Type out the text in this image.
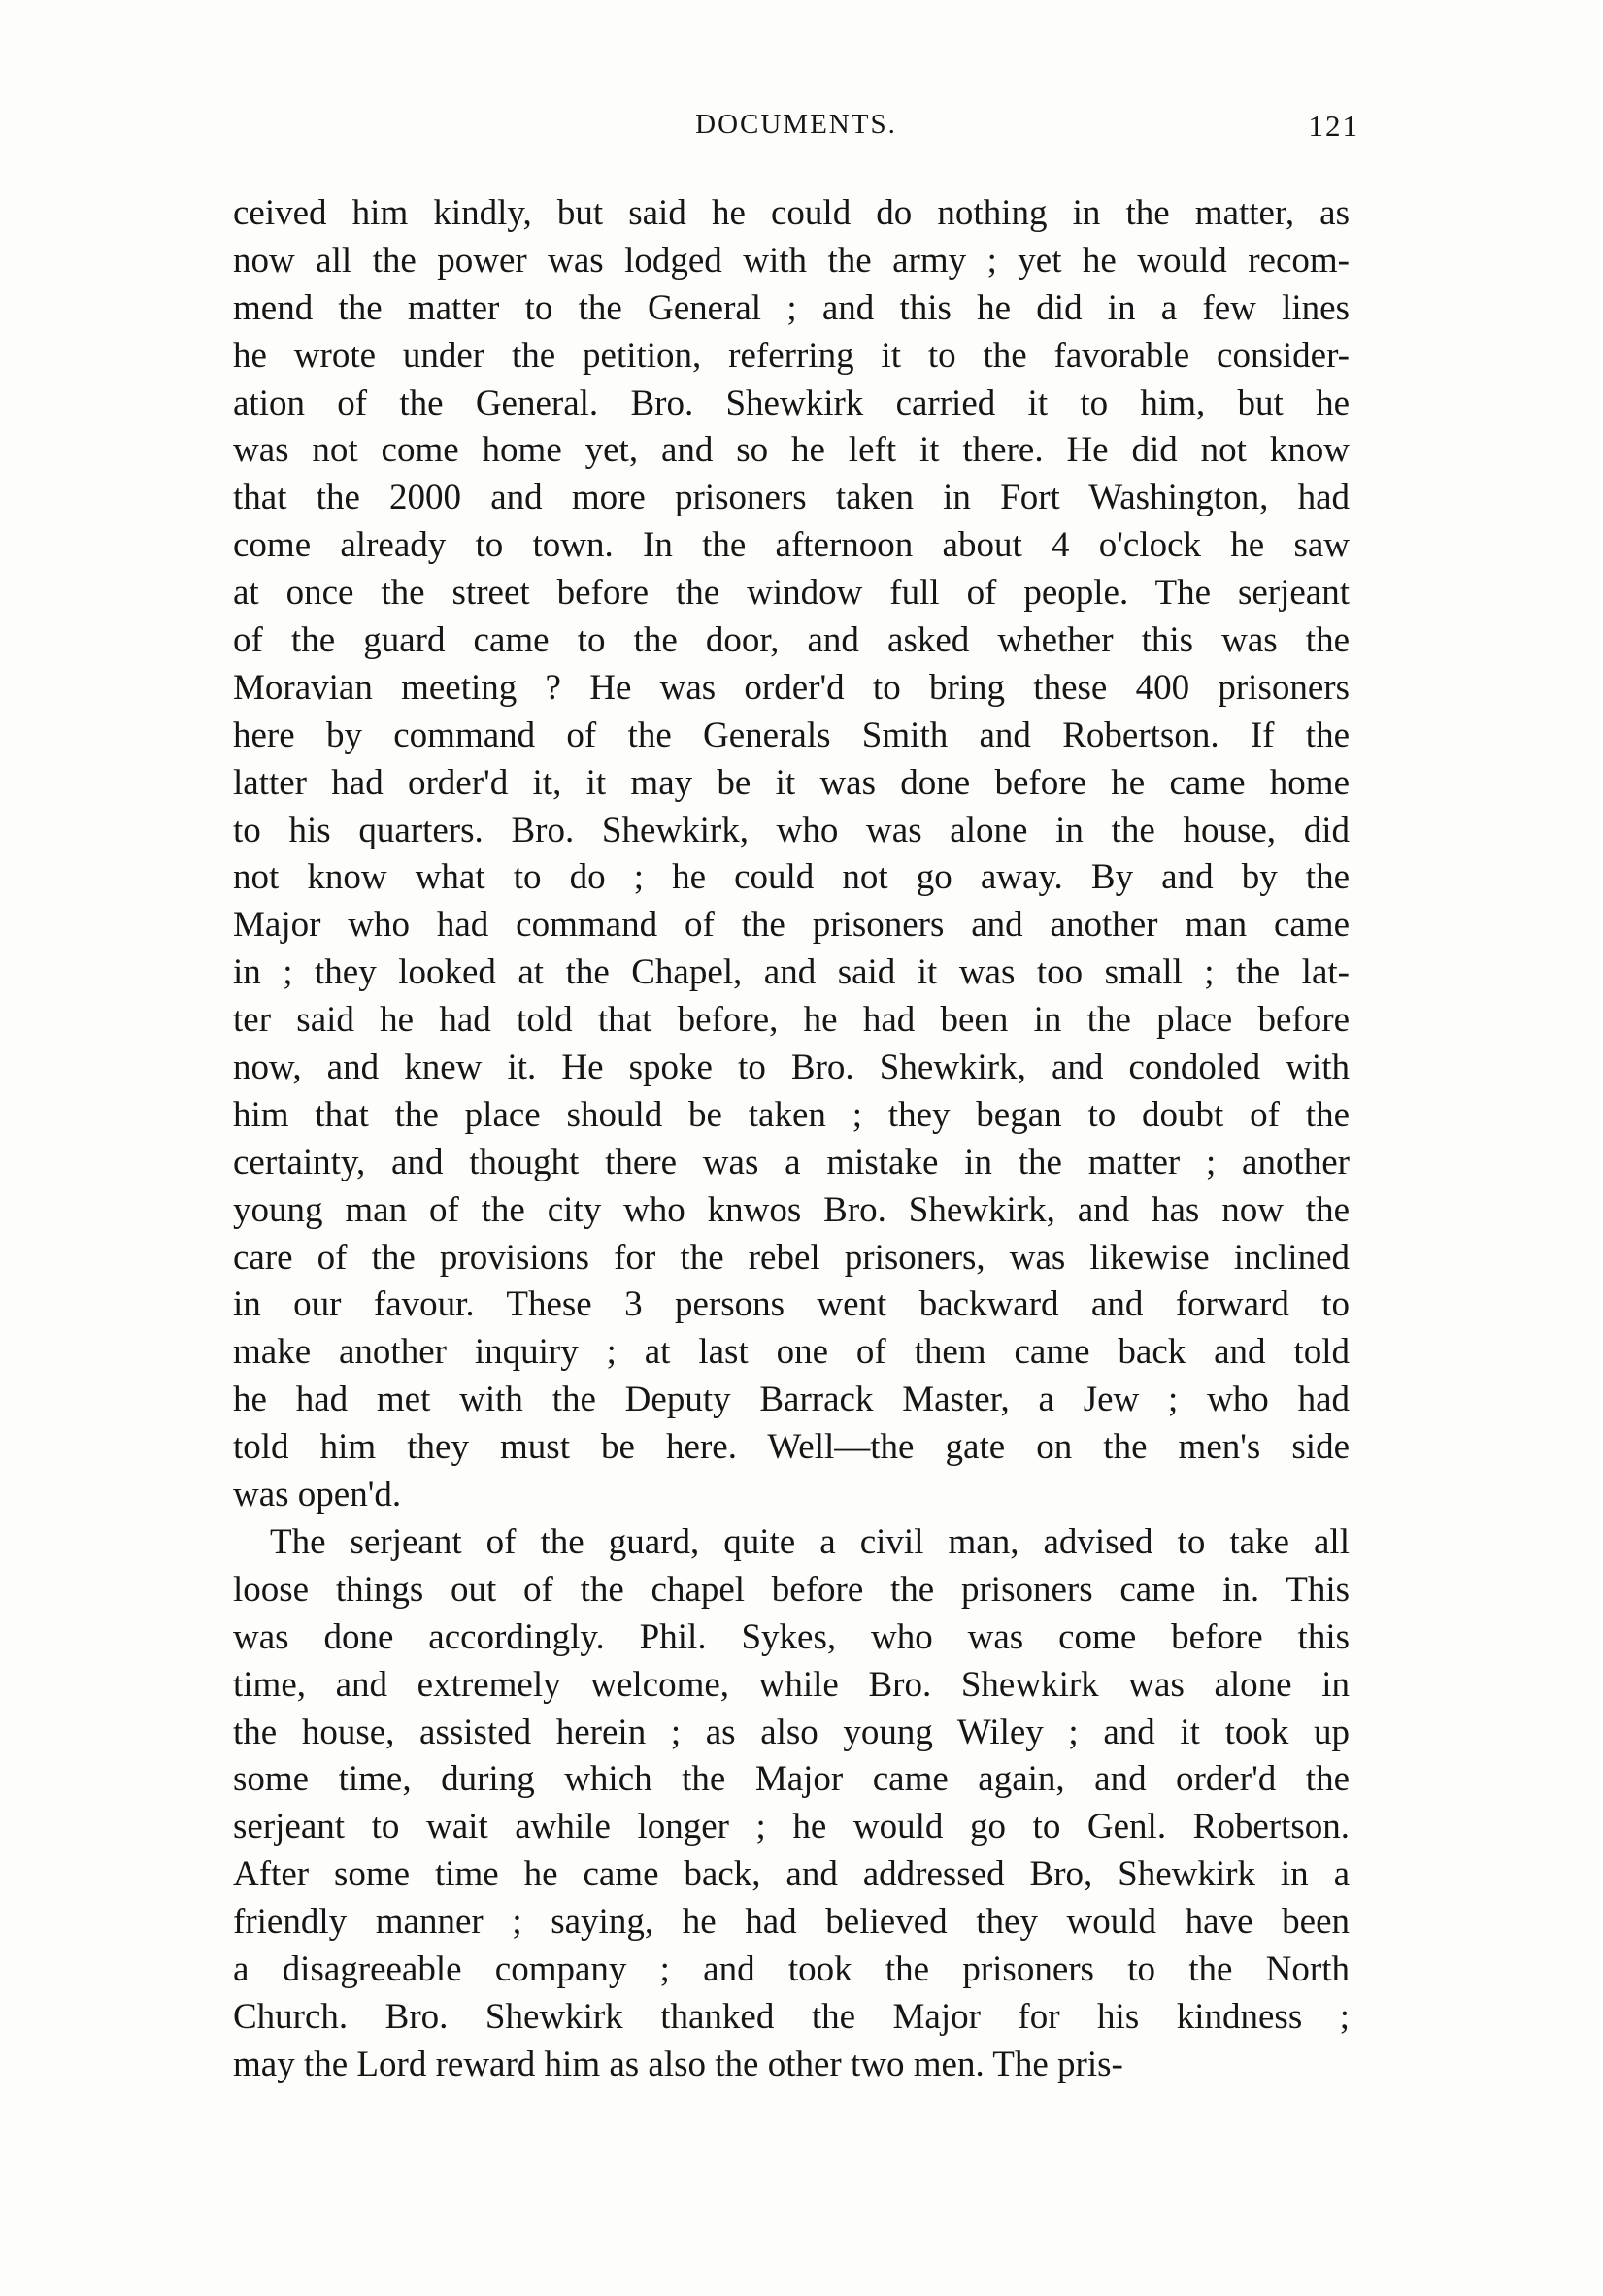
DOCUMENTS.	121

ceived him kindly, but said he could do nothing in the matter, as
now all the power was lodged with the army ; yet he would recom-
mend the matter to the General ; and this he did in a few lines
he wrote under the petition, referring it to the favorable consider-
ation of the General. Bro. Shewkirk carried it to him, but he
was not come home yet, and so he left it there. He did not know
that the 2000 and more prisoners taken in Fort Washington, had
come already to town. In the afternoon about 4 o'clock he saw
at once the street before the window full of people. The serjeant
of the guard came to the door, and asked whether this was the
Moravian meeting ? He was order'd to bring these 400 prisoners
here by command of the Generals Smith and Robertson. If the
latter had order'd it, it may be it was done before he came home
to his quarters. Bro. Shewkirk, who was alone in the house, did
not know what to do ; he could not go away. By and by the
Major who had command of the prisoners and another man came
in ; they looked at the Chapel, and said it was too small ; the lat-
ter said he had told that before, he had been in the place before
now, and knew it. He spoke to Bro. Shewkirk, and condoled with
him that the place should be taken ; they began to doubt of the
certainty, and thought there was a mistake in the matter ; another
young man of the city who knwos Bro. Shewkirk, and has now the
care of the provisions for the rebel prisoners, was likewise inclined
in our favour. These 3 persons went backward and forward to
make another inquiry ; at last one of them came back and told
he had met with the Deputy Barrack Master, a Jew ; who had
told him they must be here. Well—the gate on the men's side
was open'd.

The serjeant of the guard, quite a civil man, advised to take all
loose things out of the chapel before the prisoners came in. This
was done accordingly. Phil. Sykes, who was come before this
time, and extremely welcome, while Bro. Shewkirk was alone in
the house, assisted herein ; as also young Wiley ; and it took up
some time, during which the Major came again, and order'd the
serjeant to wait awhile longer ; he would go to Genl. Robertson.
After some time he came back, and addressed Bro, Shewkirk in a
friendly manner ; saying, he had believed they would have been
a disagreeable company ; and took the prisoners to the North
Church. Bro. Shewkirk thanked the Major for his kindness ;
may the Lord reward him as also the other two men. The pris-
